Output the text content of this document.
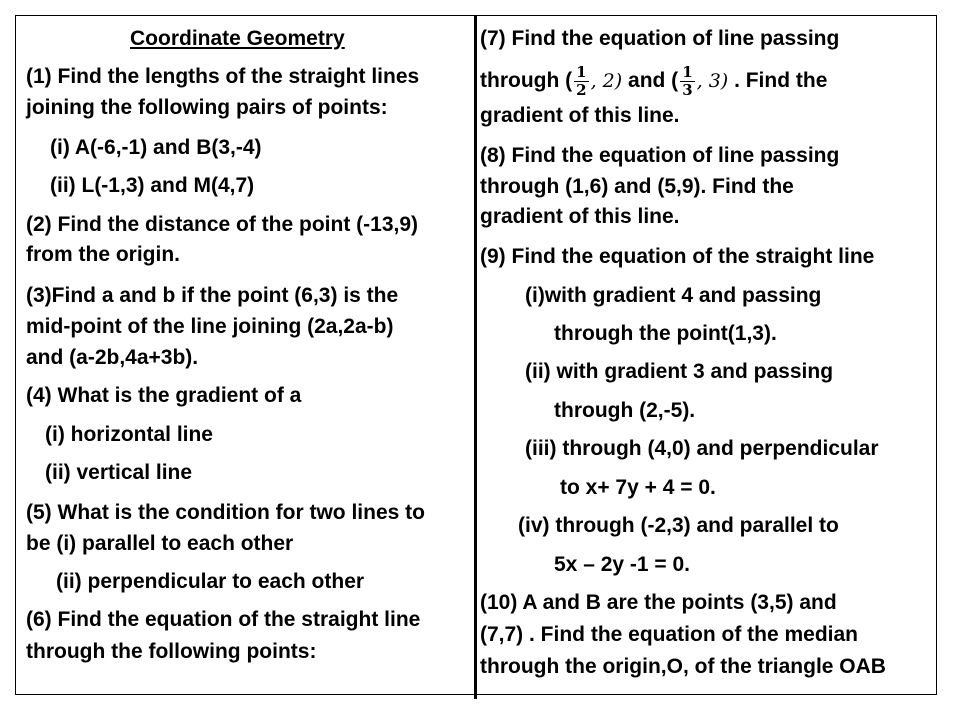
Coordinate Geometry
(1) Find the lengths of the straight lines
joining the following pairs of points:
(i) A(-6,-1) and B(3,-4)
(ii) L(-1,3) and M(4,7)
(2) Find the distance of the point (-13,9)
from the origin.
(3)Find a and b if the point (6,3) is the
mid-point of the line joining (2a,2a-b)
and (a-2b,4a+3b).
(4) What is the gradient of a
(i) horizontal line
(ii) vertical line
(5) What is the condition for two lines to
be (i) parallel to each other
(ii) perpendicular to each other
(6) Find the equation of the straight line
through the following points:
(7) Find the equation of line passing
through ( $\frac{1}{2}$ , 2) and ( $\frac{1}{3}$ , 3) . Find the
gradient of this line.
(8) Find the equation of line passing
through (1,6) and (5,9). Find the
gradient of this line.
(9) Find the equation of the straight line
(i)with gradient 4 and passing
through the point(1,3).
(ii) with gradient 3 and passing
through (2,-5).
(iii) through (4,0) and perpendicular
to x+ 7y + 4 = 0.
(iv) through (-2,3) and parallel to
5x – 2y -1 = 0.
(10) A and B are the points (3,5) and
(7,7) . Find the equation of the median
through the origin,O, of the triangle OAB
